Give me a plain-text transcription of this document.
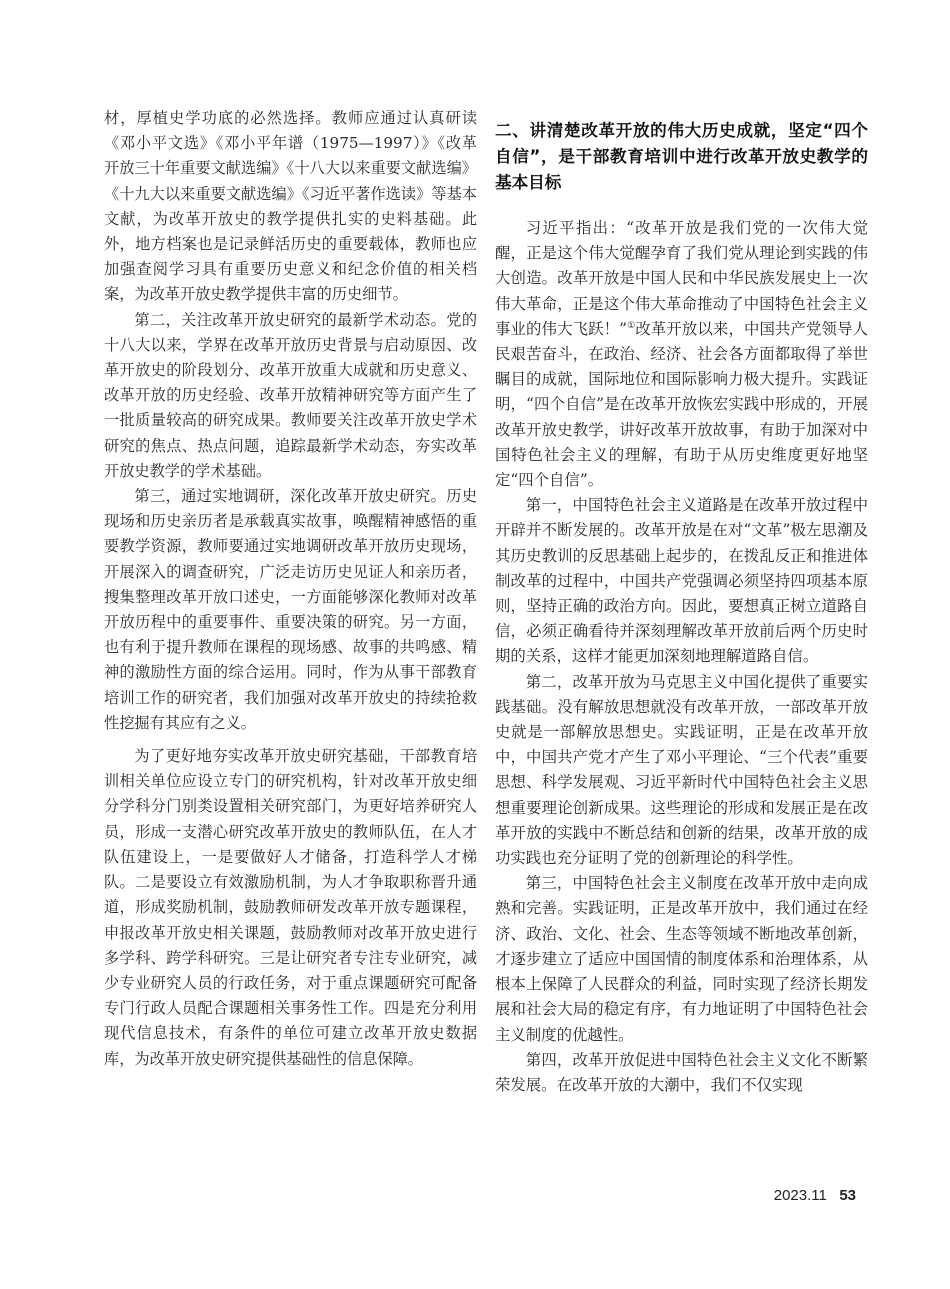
材，厚植史学功底的必然选择。教师应通过认真研读《邓小平文选》《邓小平年谱（1975—1997）》《改革开放三十年重要文献选编》《十八大以来重要文献选编》《十九大以来重要文献选编》《习近平著作选读》等基本文献，为改革开放史的教学提供扎实的史料基础。此外，地方档案也是记录鲜活历史的重要载体，教师也应加强查阅学习具有重要历史意义和纪念价值的相关档案，为改革开放史教学提供丰富的历史细节。

第二，关注改革开放史研究的最新学术动态。党的十八大以来，学界在改革开放历史背景与启动原因、改革开放史的阶段划分、改革开放重大成就和历史意义、改革开放的历史经验、改革开放精神研究等方面产生了一批质量较高的研究成果。教师要关注改革开放史学术研究的焦点、热点问题，追踪最新学术动态，夯实改革开放史教学的学术基础。

第三，通过实地调研，深化改革开放史研究。历史现场和历史亲历者是承载真实故事，唤醒精神感悟的重要教学资源，教师要通过实地调研改革开放历史现场，开展深入的调查研究，广泛走访历史见证人和亲历者，搜集整理改革开放口述史，一方面能够深化教师对改革开放历程中的重要事件、重要决策的研究。另一方面，也有利于提升教师在课程的现场感、故事的共鸣感、精神的激励性方面的综合运用。同时，作为从事干部教育培训工作的研究者，我们加强对改革开放史的持续抢救性挖掘有其应有之义。

为了更好地夯实改革开放史研究基础，干部教育培训相关单位应设立专门的研究机构，针对改革开放史细分学科分门别类设置相关研究部门，为更好培养研究人员，形成一支潜心研究改革开放史的教师队伍，在人才队伍建设上，一是要做好人才储备，打造科学人才梯队。二是要设立有效激励机制，为人才争取职称晋升通道，形成奖励机制，鼓励教师研发改革开放专题课程，申报改革开放史相关课题，鼓励教师对改革开放史进行多学科、跨学科研究。三是让研究者专注专业研究，减少专业研究人员的行政任务，对于重点课题研究可配备专门行政人员配合课题相关事务性工作。四是充分利用现代信息技术，有条件的单位可建立改革开放史数据库，为改革开放史研究提供基础性的信息保障。

二、讲清楚改革开放的伟大历史成就，坚定“四个自信”，是干部教育培训中进行改革开放史教学的基本目标

习近平指出：“改革开放是我们党的一次伟大觉醒，正是这个伟大觉醒孕育了我们党从理论到实践的伟大创造。改革开放是中国人民和中华民族发展史上一次伟大革命，正是这个伟大革命推动了中国特色社会主义事业的伟大飞跃！”①改革开放以来，中国共产党领导人民艰苦奋斗，在政治、经济、社会各方面都取得了举世瞩目的成就，国际地位和国际影响力极大提升。实践证明，“四个自信”是在改革开放恢宏实践中形成的，开展改革开放史教学，讲好改革开放故事，有助于加深对中国特色社会主义的理解，有助于从历史维度更好地坚定“四个自信”。

第一，中国特色社会主义道路是在改革开放过程中开辟并不断发展的。改革开放是在对“文革”极左思潮及其历史教训的反思基础上起步的，在拨乱反正和推进体制改革的过程中，中国共产党强调必须坚持四项基本原则，坚持正确的政治方向。因此，要想真正树立道路自信，必须正确看待并深刻理解改革开放前后两个历史时期的关系，这样才能更加深刻地理解道路自信。

第二，改革开放为马克思主义中国化提供了重要实践基础。没有解放思想就没有改革开放，一部改革开放史就是一部解放思想史。实践证明，正是在改革开放中，中国共产党才产生了邓小平理论、“三个代表”重要思想、科学发展观、习近平新时代中国特色社会主义思想重要理论创新成果。这些理论的形成和发展正是在改革开放的实践中不断总结和创新的结果，改革开放的成功实践也充分证明了党的创新理论的科学性。

第三，中国特色社会主义制度在改革开放中走向成熟和完善。实践证明，正是改革开放中，我们通过在经济、政治、文化、社会、生态等领域不断地改革创新，才逐步建立了适应中国国情的制度体系和治理体系，从根本上保障了人民群众的利益，同时实现了经济长期发展和社会大局的稳定有序，有力地证明了中国特色社会主义制度的优越性。

第四，改革开放促进中国特色社会主义文化不断繁荣发展。在改革开放的大潮中，我们不仅实现

2023.11 53
